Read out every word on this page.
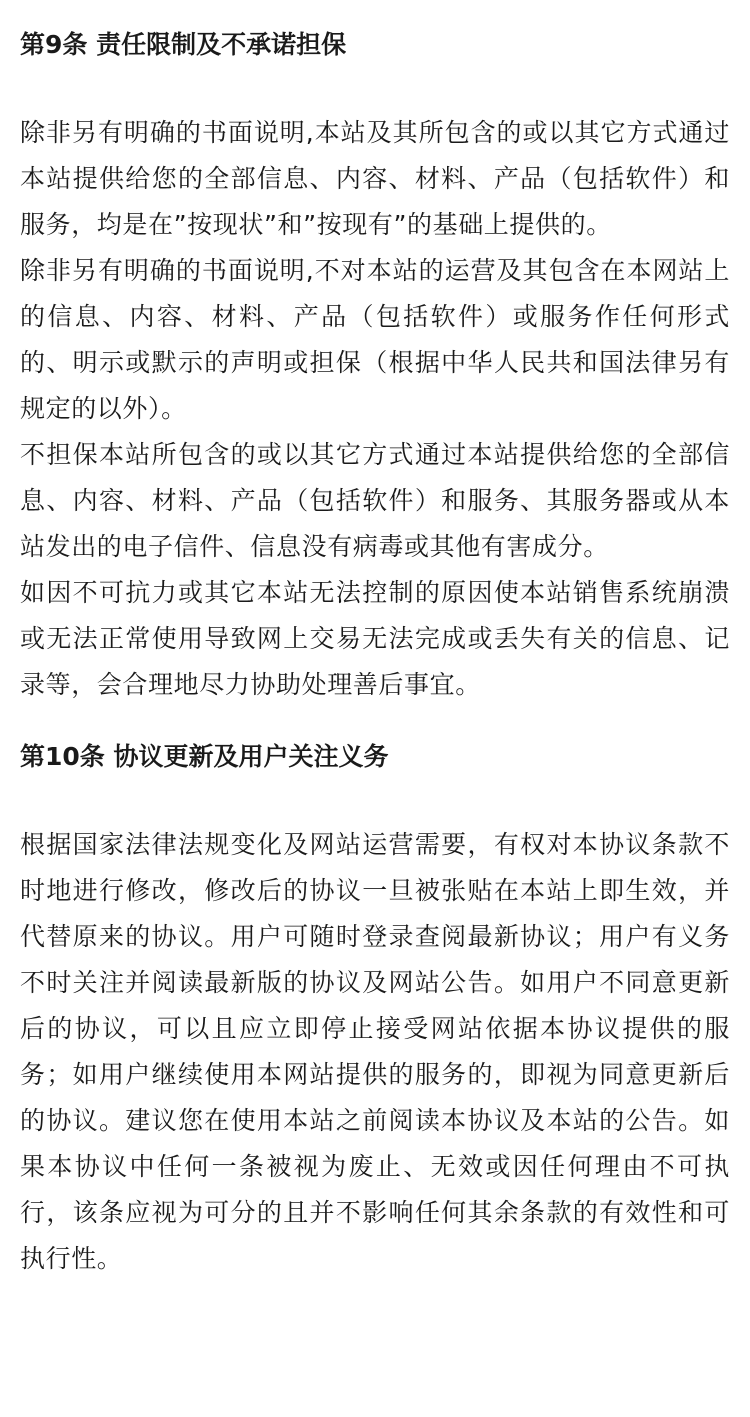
第9条 责任限制及不承诺担保

除非另有明确的书面说明,本站及其所包含的或以其它方式通过本站提供给您的全部信息、内容、材料、产品（包括软件）和服务，均是在”按现状”和”按现有”的基础上提供的。

除非另有明确的书面说明,不对本站的运营及其包含在本网站上的信息、内容、材料、产品（包括软件）或服务作任何形式的、明示或默示的声明或担保（根据中华人民共和国法律另有规定的以外）。

不担保本站所包含的或以其它方式通过本站提供给您的全部信息、内容、材料、产品（包括软件）和服务、其服务器或从本站发出的电子信件、信息没有病毒或其他有害成分。

如因不可抗力或其它本站无法控制的原因使本站销售系统崩溃或无法正常使用导致网上交易无法完成或丢失有关的信息、记录等，会合理地尽力协助处理善后事宜。

第10条 协议更新及用户关注义务

根据国家法律法规变化及网站运营需要，有权对本协议条款不时地进行修改，修改后的协议一旦被张贴在本站上即生效，并代替原来的协议。用户可随时登录查阅最新协议；用户有义务不时关注并阅读最新版的协议及网站公告。如用户不同意更新后的协议，可以且应立即停止接受网站依据本协议提供的服务；如用户继续使用本网站提供的服务的，即视为同意更新后的协议。建议您在使用本站之前阅读本协议及本站的公告。如果本协议中任何一条被视为废止、无效或因任何理由不可执行，该条应视为可分的且并不影响任何其余条款的有效性和可执行性。
